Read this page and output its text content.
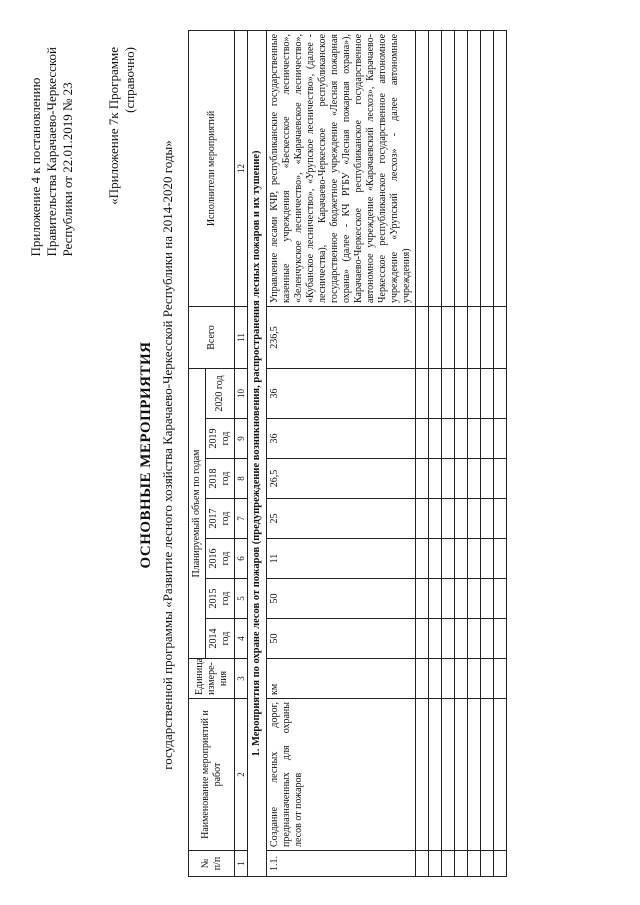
Приложение 4 к постановлению Правительства Карачаево-Черкесской Республики от 22.01.2019 № 23 «Приложение 7к Программе (справочно)
ОСНОВНЫЕ МЕРОПРИЯТИЯ государственной программы «Развитие лесного хозяйства Карачаево-Черкесской Республики на 2014-2020 годы»
№ п/п	Наименование мероприятий и работ	Единица измере-ния	Планируемый объем по годам							Всего	Исполнители мероприятий
			2014 год	2015 год	2016 год	2017 год	2018 год	2019 год	2020 год		
1	2	3	4	5	6	7	8	9	10	11	12
1. Мероприятия по охране лесов от пожаров (предупреждение возникновения, распространения лесных пожаров и их тушение)											
1.1.	Создание лесных дорог, предназначенных для охраны лесов от пожаров	км	50	50	11	25	26,5	36	36	236,5	Управление лесами КЧР, республиканские государственные казенные учреждения «Бескесское лесничество», «Зеленчукское лесничество», «Карачаевское лесничество», «Кубанское лесничество», «Урупское лесничество», (далее - лесничества), Карачаево-Черкесское республиканское государственное бюджетное учреждение «Лесная пожарная охрана» (далее - КЧ РГБУ «Лесная пожарная охрана»), Карачаево-Черкесское республиканское государственное автономное учреждение «Карачаевский лесхоз», Карачаево-Черкесское республиканское государственное автономное учреждение «Урупский лесхоз» - далее автономные учреждения)
